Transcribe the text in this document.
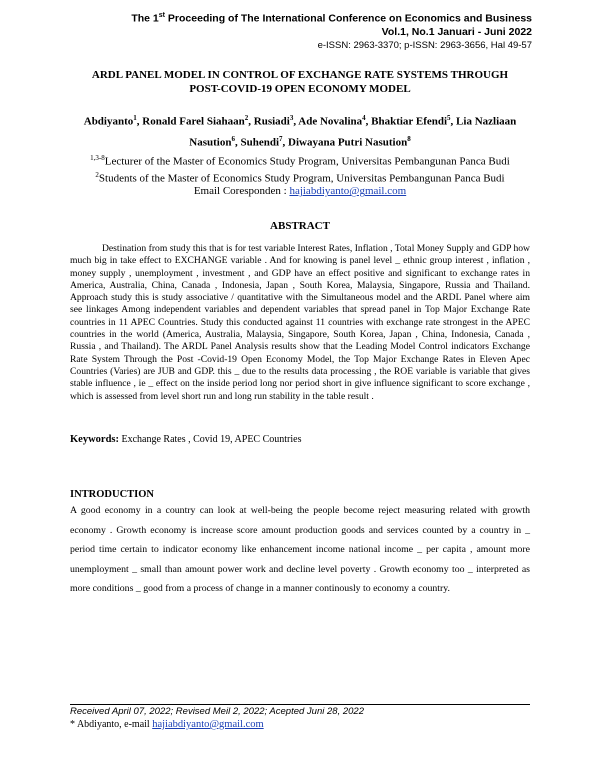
The 1st Proceeding of The International Conference on Economics and Business
Vol.1, No.1 Januari - Juni 2022
e-ISSN: 2963-3370; p-ISSN: 2963-3656, Hal 49-57
ARDL PANEL MODEL IN CONTROL OF EXCHANGE RATE SYSTEMS THROUGH
POST-COVID-19 OPEN ECONOMY MODEL
Abdiyanto$^1$, Ronald Farel Siahaan$^2$, Rusiadi$^3$, Ade Novalina$^4$, Bhaktiar Efendi$^5$, Lia Nazliaan Nasution$^6$, Suhendi$^7$, Diwayana Putri Nasution$^8$
$^{1,3-8}$Lecturer of the Master of Economics Study Program, Universitas Pembangunan Panca Budi
$^2$Students of the Master of Economics Study Program, Universitas Pembangunan Panca Budi
Email Coresponden : hajiabdiyanto@gmail.com
ABSTRACT
Destination from study this that is for test variable Interest Rates, Inflation , Total Money Supply and GDP how much big in take effect to EXCHANGE variable . And for knowing is panel level _ ethnic group interest , inflation , money supply , unemployment , investment , and GDP have an effect positive and significant to exchange rates in America, Australia, China, Canada , Indonesia, Japan , South Korea, Malaysia, Singapore, Russia and Thailand. Approach study this is study associative / quantitative with the Simultaneous model and the ARDL Panel where aim see linkages Among independent variables and dependent variables that spread panel in Top Major Exchange Rate countries in 11 APEC Countries. Study this conducted against 11 countries with exchange rate strongest in the APEC countries in the world (America, Australia, Malaysia, Singapore, South Korea, Japan , China, Indonesia, Canada , Russia , and Thailand). The ARDL Panel Analysis results show that the Leading Model Control indicators Exchange Rate System Through the Post -Covid-19 Open Economy Model, the Top Major Exchange Rates in Eleven Apec Countries (Varies) are JUB and GDP. this _ due to the results data processing , the ROE variable is variable that gives stable influence , ie _ effect on the inside period long nor period short in give influence significant to score exchange , which is assessed from level short run and long run stability in the table result .
Keywords: Exchange Rates , Covid 19, APEC Countries
INTRODUCTION
A good economy in a country can look at well-being the people become reject measuring related with growth economy . Growth economy is increase score amount production goods and services counted by a country in _ period time certain to indicator economy like enhancement income national income _ per capita , amount more unemployment _ small than amount power work and decline level poverty . Growth economy too _ interpreted as more conditions _ good from a process of change in a manner continously to economy a country.
Received April 07, 2022; Revised Meil 2, 2022; Acepted Juni 28, 2022
* Abdiyanto, e-mail hajiabdiyanto@gmail.com
